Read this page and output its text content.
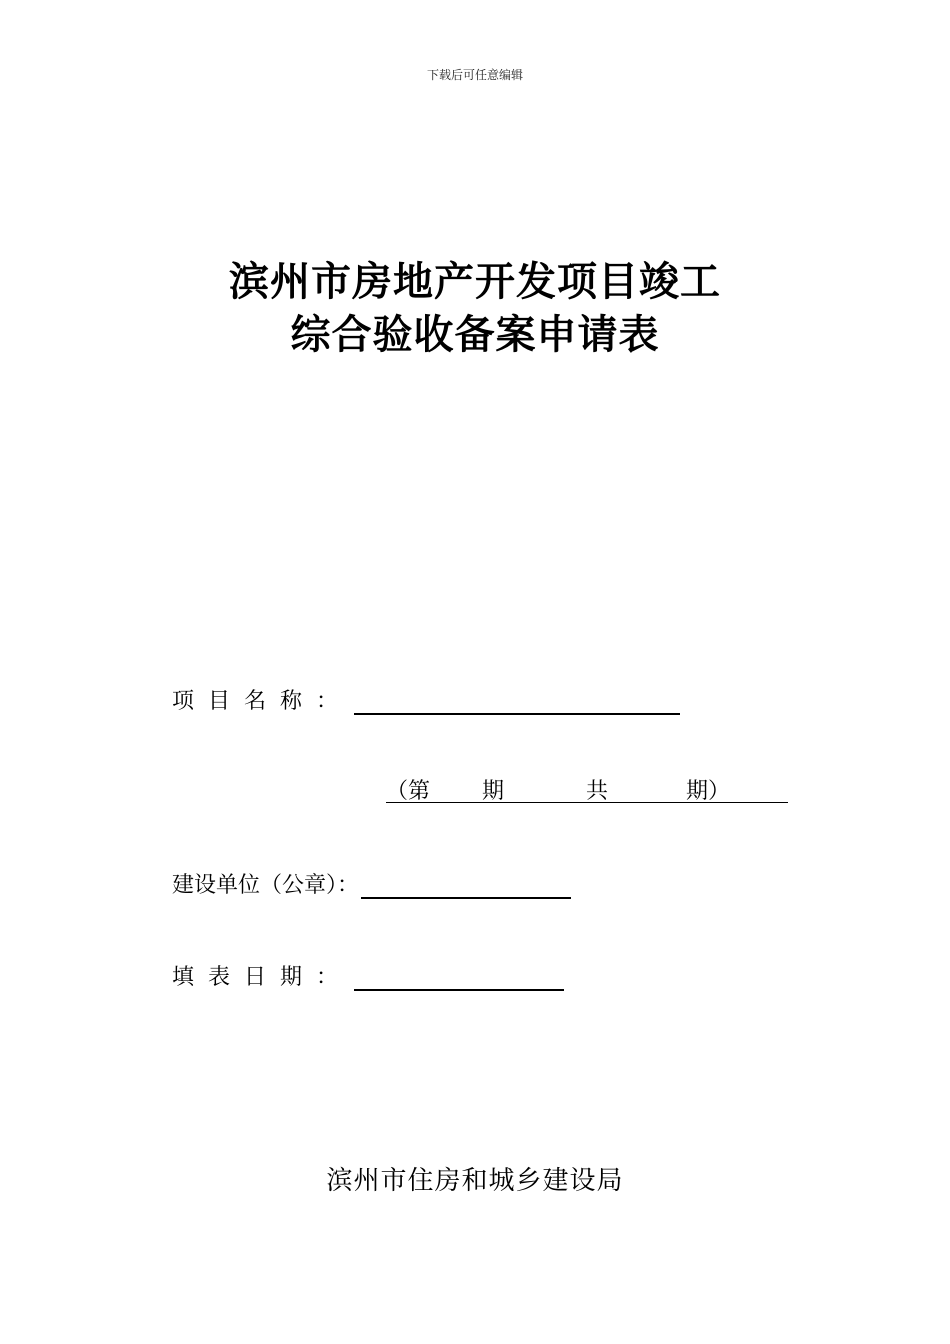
下载后可任意编辑
滨州市房地产开发项目竣工
综合验收备案申请表
项目名称：
（第 期	共	期）
建设单位（公章）：
填表日期：
滨州市住房和城乡建设局
